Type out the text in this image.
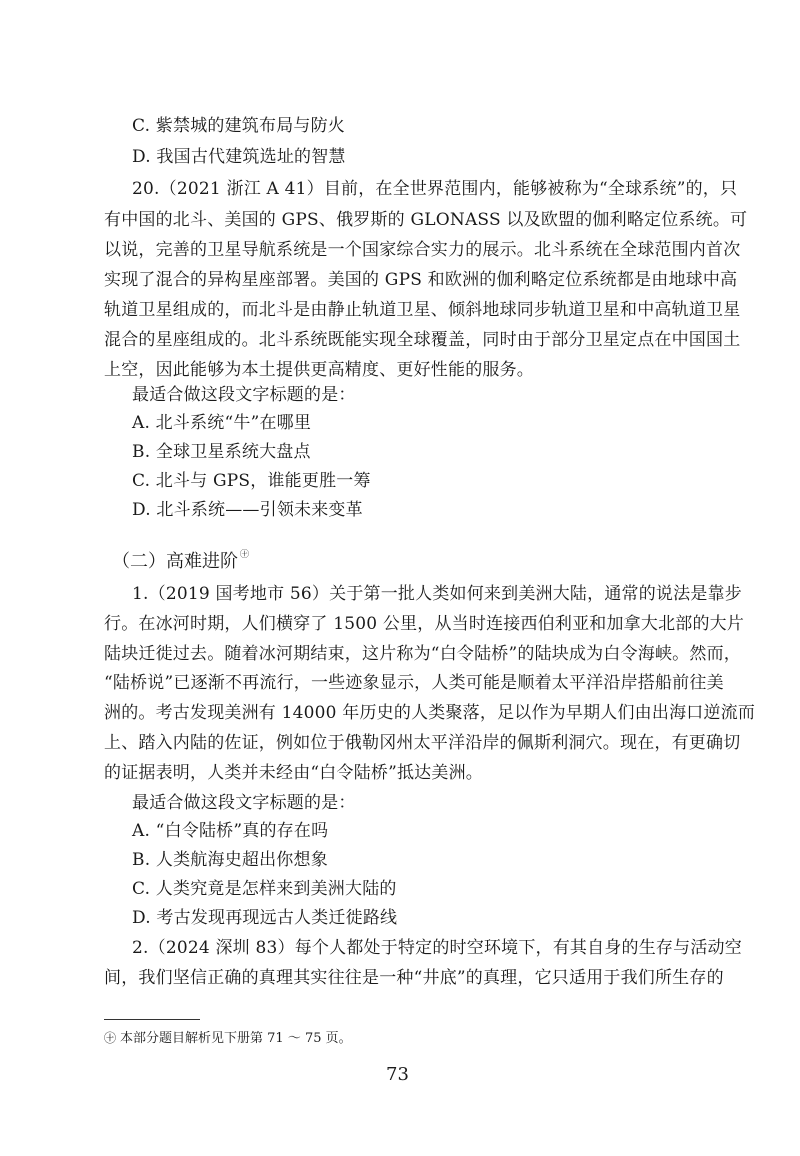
C. 紫禁城的建筑布局与防火
D. 我国古代建筑选址的智慧
20.（2021 浙江 A 41）目前，在全世界范围内，能够被称为“全球系统”的，只
有中国的北斗、美国的 GPS、俄罗斯的 GLONASS 以及欧盟的伽利略定位系统。可
以说，完善的卫星导航系统是一个国家综合实力的展示。北斗系统在全球范围内首次
实现了混合的异构星座部署。美国的 GPS 和欧洲的伽利略定位系统都是由地球中高
轨道卫星组成的，而北斗是由静止轨道卫星、倾斜地球同步轨道卫星和中高轨道卫星
混合的星座组成的。北斗系统既能实现全球覆盖，同时由于部分卫星定点在中国国土
上空，因此能够为本土提供更高精度、更好性能的服务。
最适合做这段文字标题的是：
A. 北斗系统“牛”在哪里
B. 全球卫星系统大盘点
C. 北斗与 GPS，谁能更胜一筹
D. 北斗系统——引领未来变革
（二）高难进阶 $^㊉$
1.（2019 国考地市 56）关于第一批人类如何来到美洲大陆，通常的说法是靠步
行。在冰河时期，人们横穿了 1500 公里，从当时连接西伯利亚和加拿大北部的大片
陆块迁徙过去。随着冰河期结束，这片称为“白令陆桥”的陆块成为白令海峡。然而，
“陆桥说”已逐渐不再流行，一些迹象显示，人类可能是顺着太平洋沿岸搭船前往美
洲的。考古发现美洲有 14000 年历史的人类聚落，足以作为早期人们由出海口逆流而
上、踏入内陆的佐证，例如位于俄勒冈州太平洋沿岸的佩斯利洞穴。现在，有更确切
的证据表明，人类并未经由“白令陆桥”抵达美洲。
最适合做这段文字标题的是：
A. “白令陆桥”真的存在吗
B. 人类航海史超出你想象
C. 人类究竟是怎样来到美洲大陆的
D. 考古发现再现远古人类迁徙路线
2.（2024 深圳 83）每个人都处于特定的时空环境下，有其自身的生存与活动空
间，我们坚信正确的真理其实往往是一种“井底”的真理，它只适用于我们所生存的
㊉ 本部分题目解析见下册第 71 ～ 75 页。
73
